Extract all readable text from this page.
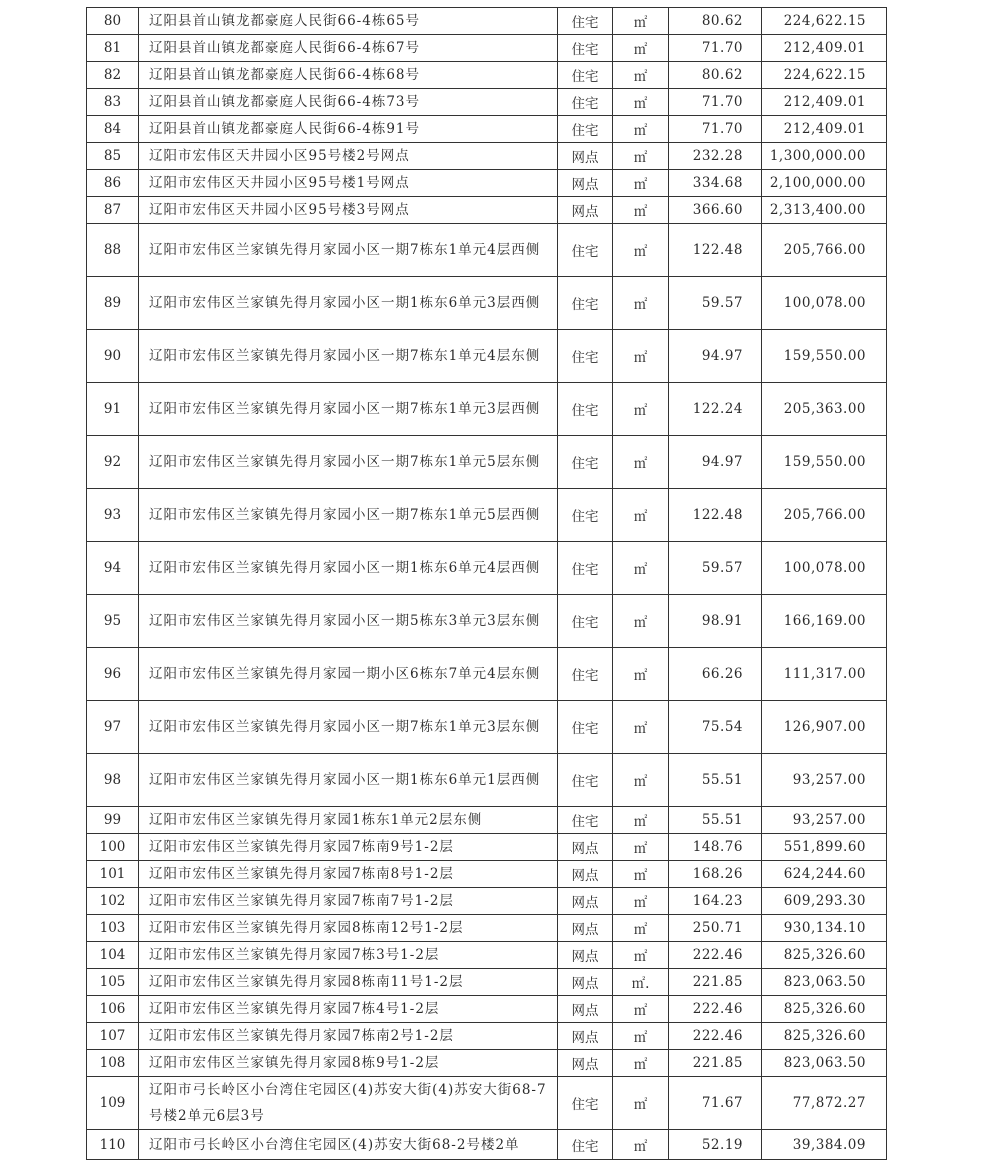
80	辽阳县首山镇龙都豪庭人民街66-4栋65号	住宅	㎡	80.62	224,622.15
81	辽阳县首山镇龙都豪庭人民街66-4栋67号	住宅	㎡	71.70	212,409.01
82	辽阳县首山镇龙都豪庭人民街66-4栋68号	住宅	㎡	80.62	224,622.15
83	辽阳县首山镇龙都豪庭人民街66-4栋73号	住宅	㎡	71.70	212,409.01
84	辽阳县首山镇龙都豪庭人民街66-4栋91号	住宅	㎡	71.70	212,409.01
85	辽阳市宏伟区天井园小区95号楼2号网点	网点	㎡	232.28	1,300,000.00
86	辽阳市宏伟区天井园小区95号楼1号网点	网点	㎡	334.68	2,100,000.00
87	辽阳市宏伟区天井园小区95号楼3号网点	网点	㎡	366.60	2,313,400.00
88	辽阳市宏伟区兰家镇先得月家园小区一期7栋东1单元4层西侧	住宅	㎡	122.48	205,766.00
89	辽阳市宏伟区兰家镇先得月家园小区一期1栋东6单元3层西侧	住宅	㎡	59.57	100,078.00
90	辽阳市宏伟区兰家镇先得月家园小区一期7栋东1单元4层东侧	住宅	㎡	94.97	159,550.00
91	辽阳市宏伟区兰家镇先得月家园小区一期7栋东1单元3层西侧	住宅	㎡	122.24	205,363.00
92	辽阳市宏伟区兰家镇先得月家园小区一期7栋东1单元5层东侧	住宅	㎡	94.97	159,550.00
93	辽阳市宏伟区兰家镇先得月家园小区一期7栋东1单元5层西侧	住宅	㎡	122.48	205,766.00
94	辽阳市宏伟区兰家镇先得月家园小区一期1栋东6单元4层西侧	住宅	㎡	59.57	100,078.00
95	辽阳市宏伟区兰家镇先得月家园小区一期5栋东3单元3层东侧	住宅	㎡	98.91	166,169.00
96	辽阳市宏伟区兰家镇先得月家园一期小区6栋东7单元4层东侧	住宅	㎡	66.26	111,317.00
97	辽阳市宏伟区兰家镇先得月家园小区一期7栋东1单元3层东侧	住宅	㎡	75.54	126,907.00
98	辽阳市宏伟区兰家镇先得月家园小区一期1栋东6单元1层西侧	住宅	㎡	55.51	93,257.00
99	辽阳市宏伟区兰家镇先得月家园1栋东1单元2层东侧	住宅	㎡	55.51	93,257.00
100	辽阳市宏伟区兰家镇先得月家园7栋南9号1-2层	网点	㎡	148.76	551,899.60
101	辽阳市宏伟区兰家镇先得月家园7栋南8号1-2层	网点	㎡	168.26	624,244.60
102	辽阳市宏伟区兰家镇先得月家园7栋南7号1-2层	网点	㎡	164.23	609,293.30
103	辽阳市宏伟区兰家镇先得月家园8栋南12号1-2层	网点	㎡	250.71	930,134.10
104	辽阳市宏伟区兰家镇先得月家园7栋3号1-2层	网点	㎡	222.46	825,326.60
105	辽阳市宏伟区兰家镇先得月家园8栋南11号1-2层	网点	㎡.	221.85	823,063.50
106	辽阳市宏伟区兰家镇先得月家园7栋4号1-2层	网点	㎡	222.46	825,326.60
107	辽阳市宏伟区兰家镇先得月家园7栋南2号1-2层	网点	㎡	222.46	825,326.60
108	辽阳市宏伟区兰家镇先得月家园8栋9号1-2层	网点	㎡	221.85	823,063.50
109	辽阳市弓长岭区小台湾住宅园区(4)苏安大街(4)苏安大街68-7号楼2单元6层3号	住宅	㎡	71.67	77,872.27
110	辽阳市弓长岭区小台湾住宅园区(4)苏安大街68-2号楼2单	住宅	㎡	52.19	39,384.09
